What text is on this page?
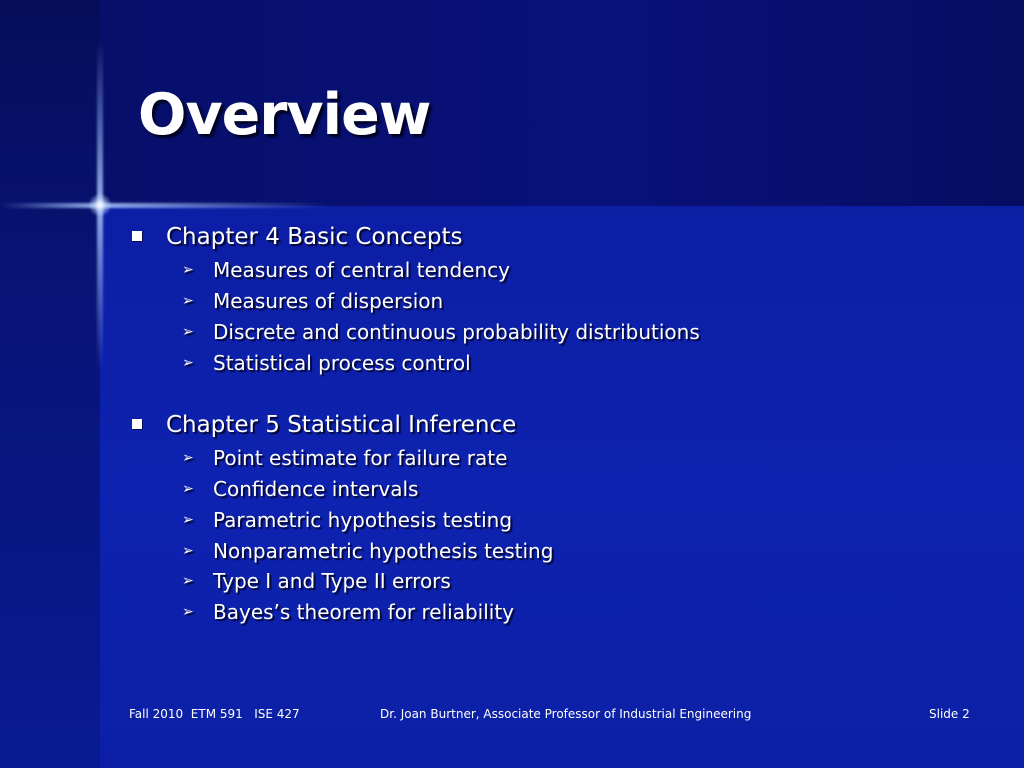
Overview
Chapter 4 Basic Concepts
➢ Measures of central tendency
➢ Measures of dispersion
➢ Discrete and continuous probability distributions
➢ Statistical process control
Chapter 5 Statistical Inference
➢ Point estimate for failure rate
➢ Confidence intervals
➢ Parametric hypothesis testing
➢ Nonparametric hypothesis testing
➢ Type I and Type II errors
➢ Bayes’s theorem for reliability
Fall 2010  ETM 591   ISE 427	Dr. Joan Burtner, Associate Professor of Industrial Engineering	Slide 2
